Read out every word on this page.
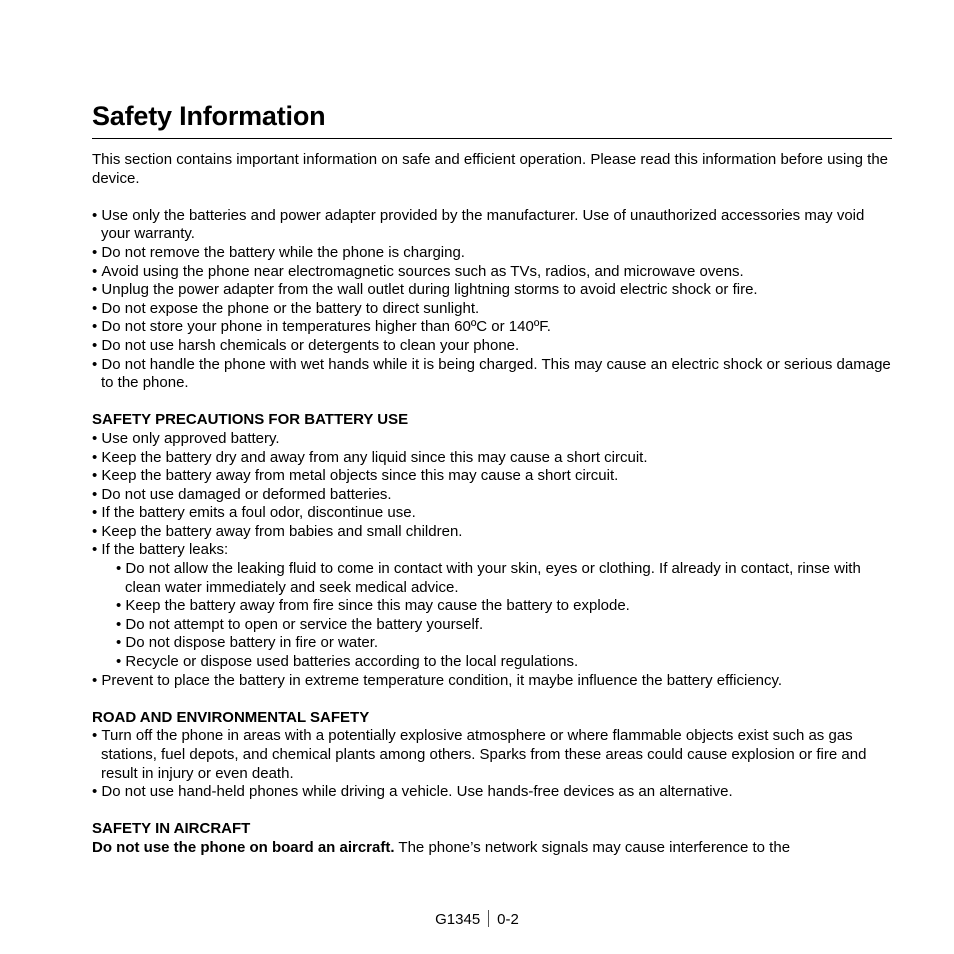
Safety Information

This section contains important information on safe and efficient operation. Please read this information before using the device.

• Use only the batteries and power adapter provided by the manufacturer. Use of unauthorized accessories may void your warranty.
• Do not remove the battery while the phone is charging.
• Avoid using the phone near electromagnetic sources such as TVs, radios, and microwave ovens.
• Unplug the power adapter from the wall outlet during lightning storms to avoid electric shock or fire.
• Do not expose the phone or the battery to direct sunlight.
• Do not store your phone in temperatures higher than 60ºC or 140ºF.
• Do not use harsh chemicals or detergents to clean your phone.
• Do not handle the phone with wet hands while it is being charged. This may cause an electric shock or serious damage to the phone.
SAFETY PRECAUTIONS FOR BATTERY USE
• Use only approved battery.
• Keep the battery dry and away from any liquid since this may cause a short circuit.
• Keep the battery away from metal objects since this may cause a short circuit.
• Do not use damaged or deformed batteries.
• If the battery emits a foul odor, discontinue use.
• Keep the battery away from babies and small children.
• If the battery leaks:
• Do not allow the leaking fluid to come in contact with your skin, eyes or clothing. If already in contact, rinse with clean water immediately and seek medical advice.
• Keep the battery away from fire since this may cause the battery to explode.
• Do not attempt to open or service the battery yourself.
• Do not dispose battery in fire or water.
• Recycle or dispose used batteries according to the local regulations.
• Prevent to place the battery in extreme temperature condition, it maybe influence the battery efficiency.
ROAD AND ENVIRONMENTAL SAFETY
• Turn off the phone in areas with a potentially explosive atmosphere or where flammable objects exist such as gas stations, fuel depots, and chemical plants among others. Sparks from these areas could cause explosion or fire and result in injury or even death.
• Do not use hand-held phones while driving a vehicle. Use hands-free devices as an alternative.
SAFETY IN AIRCRAFT

Do not use the phone on board an aircraft. The phone’s network signals may cause interference to the

G1345 0-2
